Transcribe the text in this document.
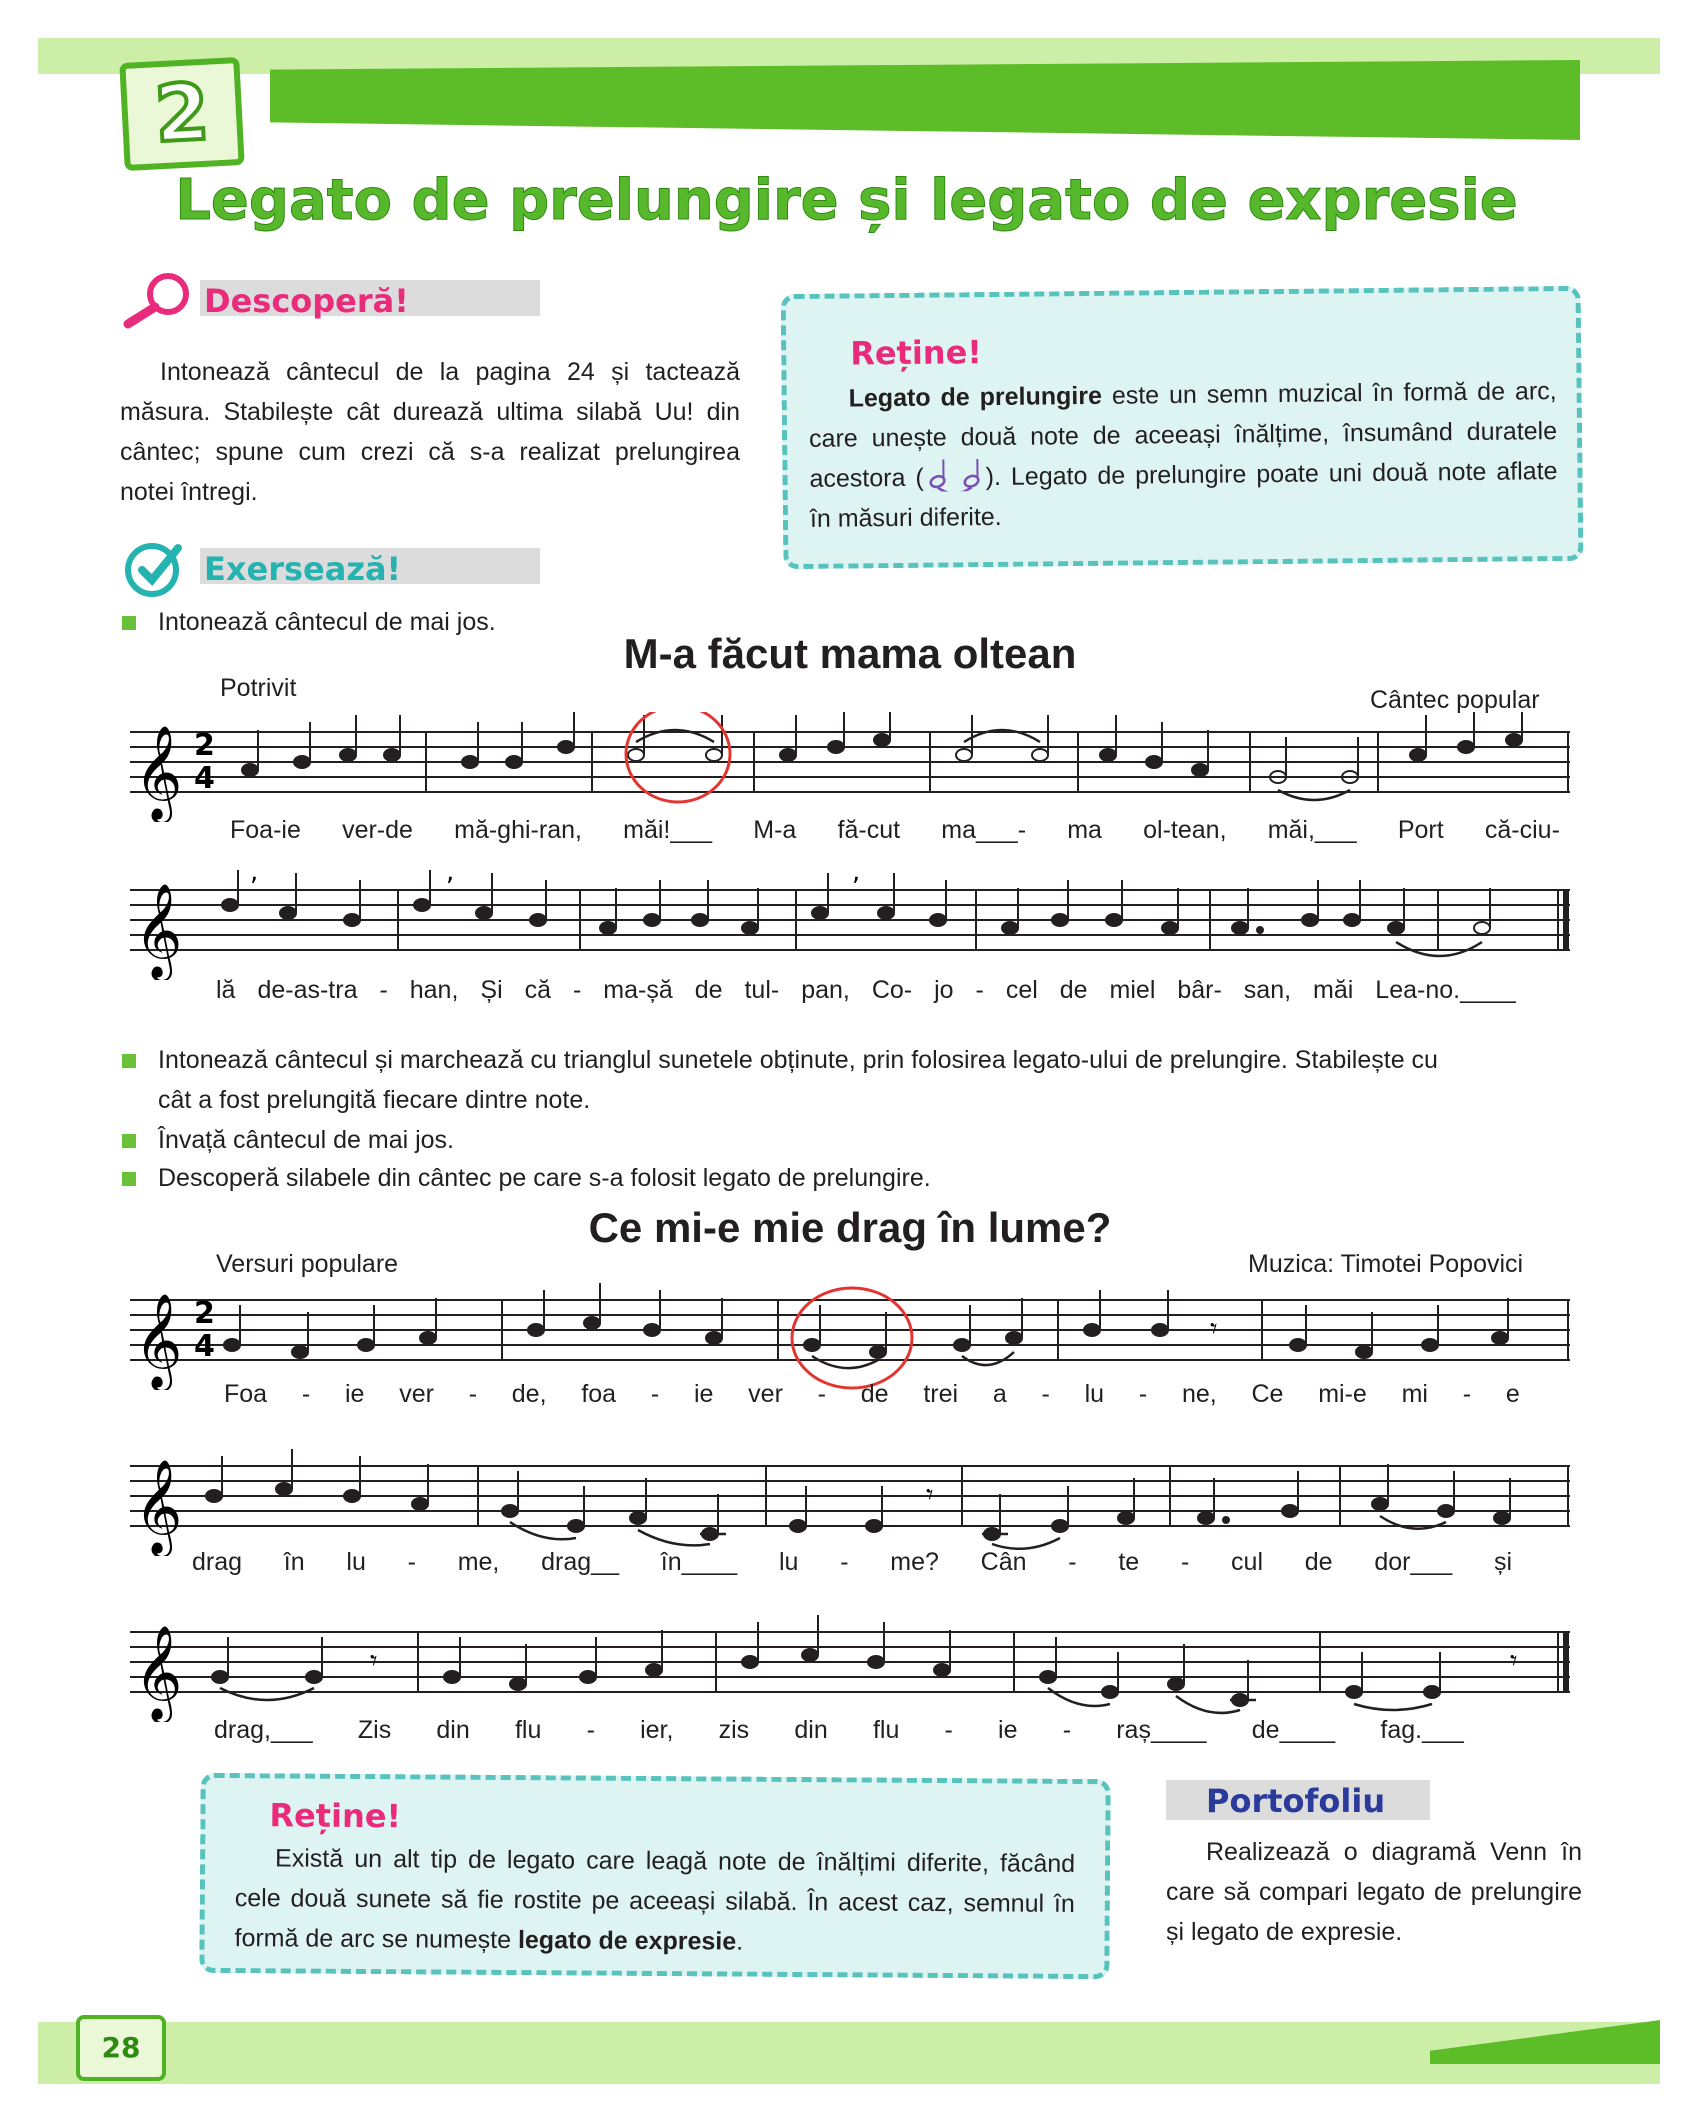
2
Legato de prelungire și legato de expresie
Descoperă!
Intonează cântecul de la pagina 24 și tactează măsura. Stabilește cât durează ultima silabă Uu! din cântec; spune cum crezi că s-a realizat prelungirea notei întregi.
Reține!
Legato de prelungire este un semn muzical în formă de arc, care unește două note de aceeași înălțime, însumând duratele acestora ( ). Legato de prelungire poate uni două note aflate în măsuri diferite.
Exersează!
Intonează cântecul de mai jos.
M-a făcut mama oltean
Potrivit	Cântec popular
𝄞 2
4
Foa-ie ver-de mă-ghi-ran, măi!___ M-a fă-cut ma___- ma ol-tean, măi,___ Port că-ciu-
𝄞
,	,	,
lă de-as-tra - han, Și că - ma-șă de tul- pan, Co- jo - cel de miel bâr- san, măi Lea-no.____
Intonează cântecul și marchează cu trianglul sunetele obținute, prin folosirea legato-ului de prelungire. Stabilește cu cât a fost prelungită fiecare dintre note.
Învață cântecul de mai jos.
Descoperă silabele din cântec pe care s-a folosit legato de prelungire.
Ce mi-e mie drag în lume?
Versuri populare	Muzica: Timotei Popovici
𝄞	𝄾
2
4
Foa - ie ver - de, foa - ie ver - de trei a - lu - ne, Ce mi-e mi - e
𝄞	𝄾
drag în lu - me, drag__ în____ lu - me? Cân - te - cul de dor___ și
𝄞	𝄾	𝄾
drag,___ Zis din flu - ier, zis din flu - ie - raș____ de____ fag.___
Reține!
Există un alt tip de legato care leagă note de înălțimi diferite, făcând cele două sunete să fie rostite pe aceeași silabă. În acest caz, semnul în formă de arc se numește legato de expresie.
Portofoliu
Realizează o diagramă Venn în care să compari legato de prelungire și legato de expresie.
28
